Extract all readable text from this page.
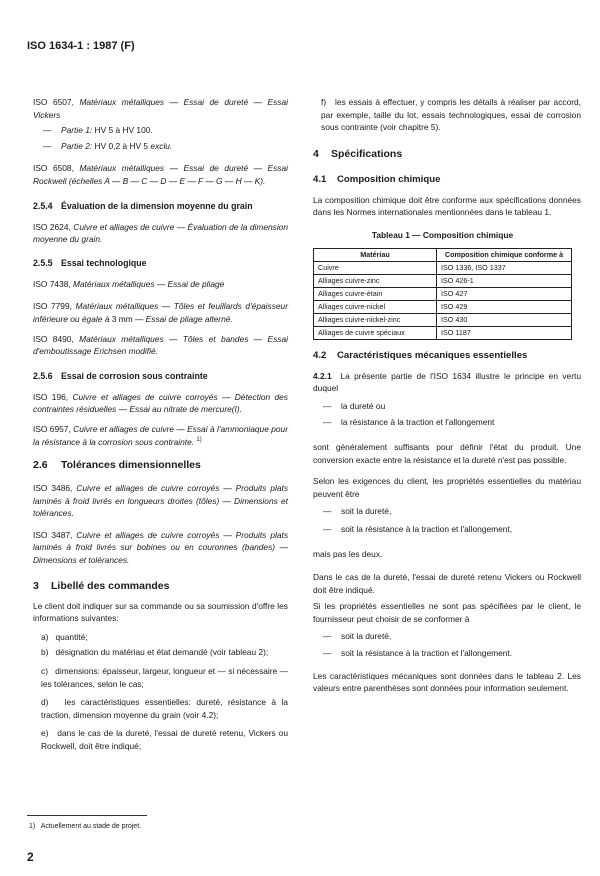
ISO 1634-1 : 1987 (F)
ISO 6507, Matériaux métalliques — Essai de dureté — Essai Vickers
— Partie 1: HV 5 à HV 100.
— Partie 2: HV 0,2 à HV 5 exclu.
ISO 6508, Matériaux métalliques — Essai de dureté — Essai Rockwell (échelles A — B — C — D — E — F — G — H — K).
2.5.4 Évaluation de la dimension moyenne du grain
ISO 2624, Cuivre et alliages de cuivre — Évaluation de la dimension moyenne du grain.
2.5.5 Essai technologique
ISO 7438, Matériaux métalliques — Essai de pliage
ISO 7799, Matériaux métalliques — Tôles et feuillards d'épaisseur inférieure ou égale à 3 mm — Essai de pliage alterné.
ISO 8490, Matériaux métalliques — Tôles et bandes — Essai d'emboutissage Erichsen modifié.
2.5.6 Essai de corrosion sous contrainte
ISO 196, Cuivre et alliages de cuivre corroyés — Détection des contraintes résiduelles — Essai au nitrate de mercure(I).
ISO 6957, Cuivre et alliages de cuivre — Essai à l'ammoniaque pour la résistance à la corrosion sous contrainte. $^{1)}$
2.6 Tolérances dimensionnelles
ISO 3486, Cuivre et alliages de cuivre corroyés — Produits plats laminés à froid livrés en longueurs droites (tôles) — Dimensions et tolérances.
ISO 3487, Cuivre et alliages de cuivre corroyés — Produits plats laminés à froid livrés sur bobines ou en couronnes (bandes) — Dimensions et tolérances.
3 Libellé des commandes
Le client doit indiquer sur sa commande ou sa soumission d'offre les informations suivantes:
a) quantité;
b) désignation du matériau et état demandé (voir tableau 2);
c) dimensions: épaisseur, largeur, longueur et — si nécessaire — les tolérances, selon le cas;
d) les caractéristiques essentielles: dureté, résistance à la traction, dimension moyenne du grain (voir 4.2);
e) dans le cas de la dureté, l'essai de dureté retenu, Vickers ou Rockwell, doit être indiqué;
f) les essais à effectuer, y compris les détails à réaliser par accord, par exemple, taille du lot, essais technologiques, essai de corrosion sous contrainte (voir chapitre 5).
4 Spécifications
4.1 Composition chimique
La composition chimique doit être conforme aux spécifications données dans les Normes internationales mentionnées dans le tableau 1.
Tableau 1 — Composition chimique
Matériau	Composition chimique conforme à
Cuivre	ISO 1336, ISO 1337
Alliages cuivre-zinc	ISO 426-1
Alliages cuivre-étain	ISO 427
Alliages cuivre-nickel	ISO 429
Alliages cuivre-nickel-zinc	ISO 430
Alliages de cuivre spéciaux	ISO 1187
4.2 Caractéristiques mécaniques essentielles
4.2.1 La présente partie de l'ISO 1634 illustre le principe en vertu duquel
— la dureté ou
— la résistance à la traction et l'allongement
sont généralement suffisants pour définir l'état du produit. Une conversion exacte entre la résistance et la dureté n'est pas possible.
Selon les exigences du client, les propriétés essentielles du matériau peuvent être
— soit la dureté,
— soit la résistance à la traction et l'allongement,
mais pas les deux.
Dans le cas de la dureté, l'essai de dureté retenu Vickers ou Rockwell doit être indiqué.
Si les propriétés essentielles ne sont pas spécifiées par le client, le fournisseur peut choisir de se conformer à
— soit la dureté,
— soit la résistance à la traction et l'allongement.
Les caractéristiques mécaniques sont données dans le tableau 2. Les valeurs entre parenthèses sont données pour information seulement.
1) Actuellement au stade de projet.
2
